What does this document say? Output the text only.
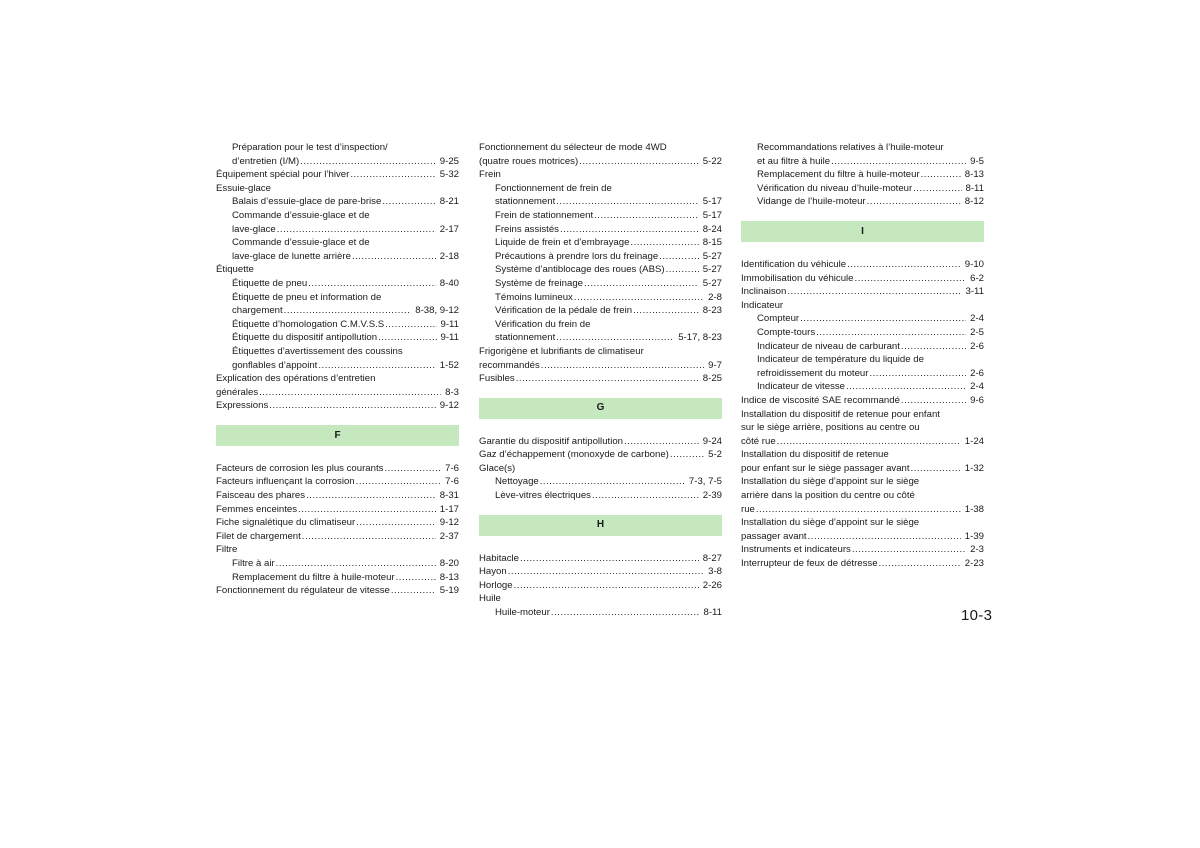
Préparation pour le test d’inspection/
d’entretien (I/M) .....	9-25
Équipement spécial pour l’hiver .....	5-32
Essuie-glace
Balais d’essuie-glace de pare-brise .....	8-21
Commande d’essuie-glace et de
lave-glace .....	2-17
Commande d’essuie-glace et de
lave-glace de lunette arrière .....	2-18
Étiquette
Étiquette de pneu .....	8-40
Étiquette de pneu et information de
chargement .....	8-38, 9-12
Étiquette d’homologation C.M.V.S.S .....	9-11
Étiquette du dispositif antipollution .....	9-11
Étiquettes d’avertissement des coussins
gonflables d’appoint .....	1-52
Explication des opérations d’entretien
générales .....	8-3
Expressions .....	9-12
F
Facteurs de corrosion les plus courants .....	7-6
Facteurs influençant la corrosion .....	7-6
Faisceau des phares .....	8-31
Femmes enceintes .....	1-17
Fiche signalétique du climatiseur .....	9-12
Filet de chargement .....	2-37
Filtre
Filtre à air .....	8-20
Remplacement du filtre à huile-moteur .....	8-13
Fonctionnement du régulateur de vitesse .....	5-19
Fonctionnement du sélecteur de mode 4WD
(quatre roues motrices) .....	5-22
Frein
Fonctionnement de frein de
stationnement .....	5-17
Frein de stationnement .....	5-17
Freins assistés .....	8-24
Liquide de frein et d’embrayage .....	8-15
Précautions à prendre lors du freinage .....	5-27
Système d’antiblocage des roues (ABS) .....	5-27
Système de freinage .....	5-27
Témoins lumineux .....	2-8
Vérification de la pédale de frein .....	8-23
Vérification du frein de
stationnement .....	5-17, 8-23
Frigorigène et lubrifiants de climatiseur
recommandés .....	9-7
Fusibles .....	8-25
G
Garantie du dispositif antipollution .....	9-24
Gaz d’échappement (monoxyde de carbone) .....	5-2
Glace(s)
Nettoyage .....	7-3, 7-5
Lève-vitres électriques .....	2-39
H
Habitacle .....	8-27
Hayon .....	3-8
Horloge .....	2-26
Huile
Huile-moteur .....	8-11
Recommandations relatives à l’huile-moteur
et au filtre à huile .....	9-5
Remplacement du filtre à huile-moteur .....	8-13
Vérification du niveau d’huile-moteur .....	8-11
Vidange de l’huile-moteur .....	8-12
I
Identification du véhicule .....	9-10
Immobilisation du véhicule .....	6-2
Inclinaison .....	3-11
Indicateur
Compteur .....	2-4
Compte-tours .....	2-5
Indicateur de niveau de carburant .....	2-6
Indicateur de température du liquide de
refroidissement du moteur .....	2-6
Indicateur de vitesse .....	2-4
Indice de viscosité SAE recommandé .....	9-6
Installation du dispositif de retenue pour enfant
sur le siège arrière, positions au centre ou
côté rue .....	1-24
Installation du dispositif de retenue
pour enfant sur le siège passager avant .....	1-32
Installation du siège d’appoint sur le siège
arrière dans la position du centre ou côté
rue .....	1-38
Installation du siège d’appoint sur le siège
passager avant .....	1-39
Instruments et indicateurs .....	2-3
Interrupteur de feux de détresse .....	2-23
10-3
